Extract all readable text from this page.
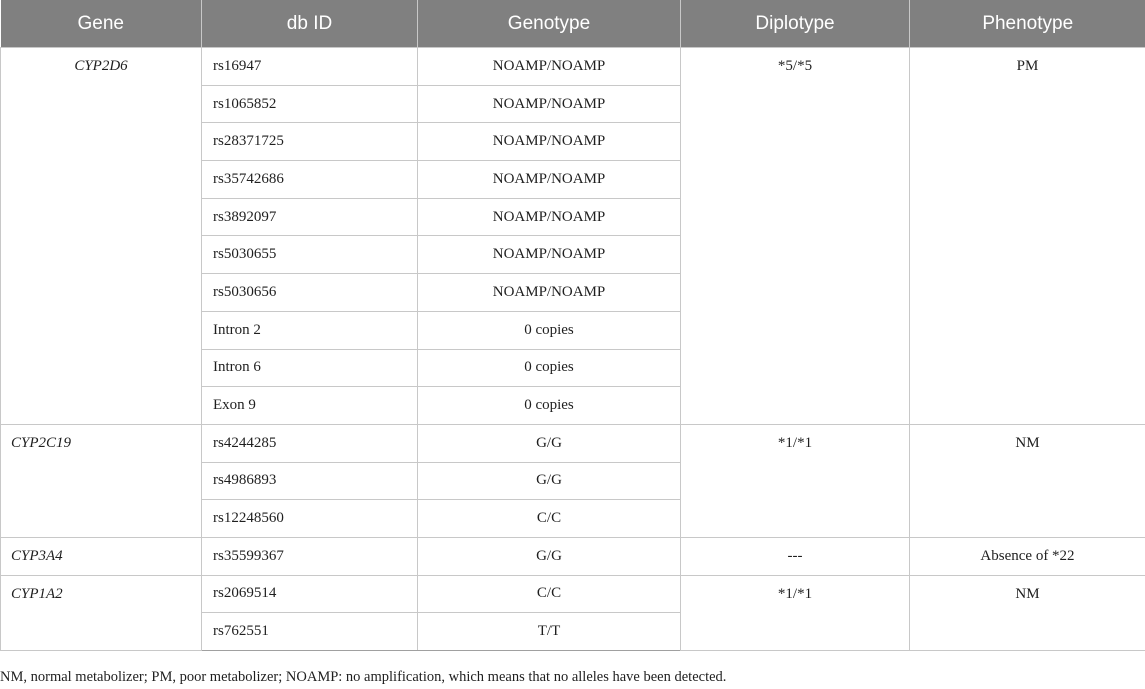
Gene	db ID	Genotype	Diplotype	Phenotype
CYP2D6	rs16947	NOAMP/NOAMP	*5/*5	PM
	rs1065852	NOAMP/NOAMP		
	rs28371725	NOAMP/NOAMP		
	rs35742686	NOAMP/NOAMP		
	rs3892097	NOAMP/NOAMP		
	rs5030655	NOAMP/NOAMP		
	rs5030656	NOAMP/NOAMP		
	Intron 2	0 copies		
	Intron 6	0 copies		
	Exon 9	0 copies		
CYP2C19	rs4244285	G/G	*1/*1	NM
	rs4986893	G/G		
	rs12248560	C/C		
CYP3A4	rs35599367	G/G	---	Absence of *22
CYP1A2	rs2069514	C/C	*1/*1	NM
	rs762551	T/T		
NM, normal metabolizer; PM, poor metabolizer; NOAMP: no amplification, which means that no alleles have been detected.
